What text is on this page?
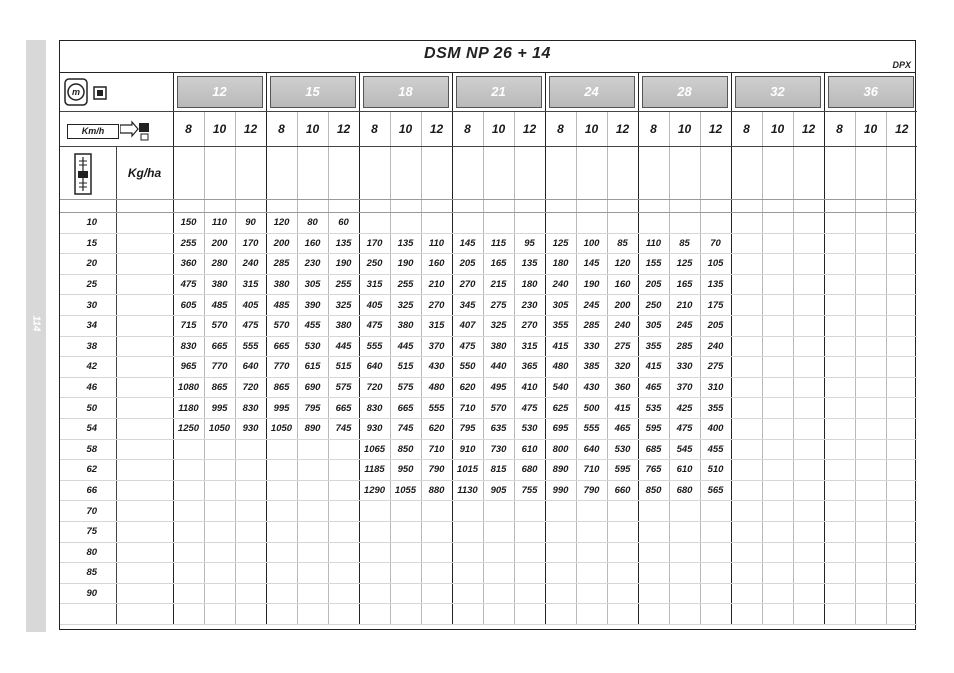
114
DSM NP 26 + 14
DPX
m		12			15			18			21			24			28			32			36		

Km/h		8	10	12	8	10	12	8	10	12	8	10	12	8	10	12	8	10	12	8	10	12	8	10	12

	Kg/ha																								

10		150	110	90	120	80	60																		
15		255	200	170	200	160	135	170	135	110	145	115	95	125	100	85	110	85	70						
20		360	280	240	285	230	190	250	190	160	205	165	135	180	145	120	155	125	105						
25		475	380	315	380	305	255	315	255	210	270	215	180	240	190	160	205	165	135						
30		605	485	405	485	390	325	405	325	270	345	275	230	305	245	200	250	210	175						
34		715	570	475	570	455	380	475	380	315	407	325	270	355	285	240	305	245	205						
38		830	665	555	665	530	445	555	445	370	475	380	315	415	330	275	355	285	240						
42		965	770	640	770	615	515	640	515	430	550	440	365	480	385	320	415	330	275						
46		1080	865	720	865	690	575	720	575	480	620	495	410	540	430	360	465	370	310						
50		1180	995	830	995	795	665	830	665	555	710	570	475	625	500	415	535	425	355						
54		1250	1050	930	1050	890	745	930	745	620	795	635	530	695	555	465	595	475	400						
58								1065	850	710	910	730	610	800	640	530	685	545	455						
62								1185	950	790	1015	815	680	890	710	595	765	610	510						
66								1290	1055	880	1130	905	755	990	790	660	850	680	565						
70																									
75																									
80																									
85																									
90																									
